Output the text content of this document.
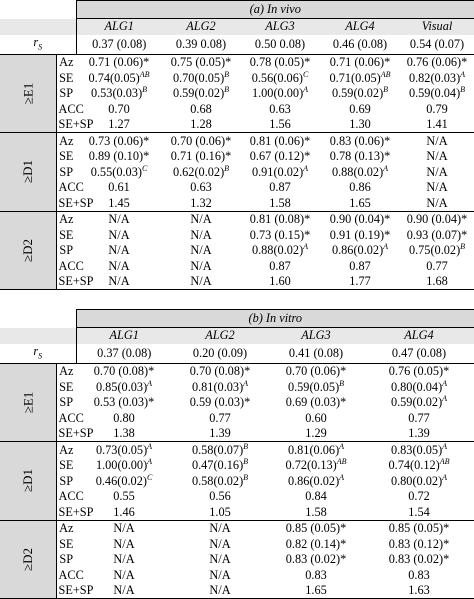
		(a) In vivo				
		ALG1	ALG2	ALG3	ALG4	Visual
$r_S$		0.37 (0.08)	0.39 0.08)	0.50 0.08)	0.46 (0.08)	0.54 (0.07)
≥E1	Az	0.71 (0.06)*	0.75 (0.05)*	0.78 (0.05)*	0.71 (0.06)*	0.76 (0.06)*
	SE	$0.74(0.05)^{AB}$	$0.70(0.05)^B$	$0.56(0.06)^C$	$0.71(0.05)^{AB}$	$0.82(0.03)^A$
	SP	$0.53(0.03)^B$	$0.59(0.02)^B$	$1.00(0.00)^A$	$0.59(0.02)^B$	$0.59(0.04)^B$
	ACC	0.70	0.68	0.63	0.69	0.79
	SE+SP	1.27	1.28	1.56	1.30	1.41
≥D1	Az	0.73 (0.06)*	0.70 (0.06)*	0.81 (0.06)*	0.83 (0.06)*	N/A
	SE	0.89 (0.10)*	0.71 (0.16)*	0.67 (0.12)*	0.78 (0.13)*	N/A
	SP	$0.55(0.03)^C$	$0.62(0.02)^B$	$0.91(0.02)^A$	$0.88(0.02)^A$	N/A
	ACC	0.61	0.63	0.87	0.86	N/A
	SE+SP	1.45	1.32	1.58	1.65	N/A
≥D2	Az	N/A	N/A	0.81 (0.08)*	0.90 (0.04)*	0.90 (0.04)*
	SE	N/A	N/A	0.73 (0.15)*	0.91 (0.19)*	0.93 (0.07)*
	SP	N/A	N/A	$0.88(0.02)^A$	$0.86(0.02)^A$	$0.75(0.02)^B$
	ACC	N/A	N/A	0.87	0.87	0.77
	SE+SP	N/A	N/A	1.60	1.77	1.68
		(b) In vitro			
		ALG1	ALG2	ALG3	ALG4
$r_S$		0.37 (0.08)	0.20 (0.09)	0.41 (0.08)	0.47 (0.08)
≥E1	Az	0.70 (0.08)*	0.70 (0.08)*	0.70 (0.06)*	0.76 (0.05)*
	SE	$0.85(0.03)^A$	$0.81(0.03)^A$	$0.59(0.05)^B$	$0.80(0.04)^A$
	SP	0.53 (0.03)*	0.59 (0.03)*	0.69 (0.03)*	$0.59(0.02)^A$
	ACC	0.80	0.77	0.60	0.77
	SE+SP	1.38	1.39	1.29	1.39
≥D1	Az	$0.73(0.05)^A$	$0.58(0.07)^B$	$0.81(0.06)^A$	$0.83(0.05)^A$
	SE	$1.00(0.00)^A$	$0.47(0.16)^B$	$0.72(0.13)^{AB}$	$0.74(0.12)^{AB}$
	SP	$0.46(0.02)^C$	$0.58(0.02)^B$	$0.86(0.02)^A$	$0.80(0.02)^A$
	ACC	0.55	0.56	0.84	0.72
	SE+SP	1.46	1.05	1.58	1.54
≥D2	Az	N/A	N/A	0.85 (0.05)*	0.85 (0.05)*
	SE	N/A	N/A	0.82 (0.14)*	0.83 (0.12)*
	SP	N/A	N/A	0.83 (0.02)*	0.83 (0.02)*
	ACC	N/A	N/A	0.83	0.83
	SE+SP	N/A	N/A	1.65	1.63
